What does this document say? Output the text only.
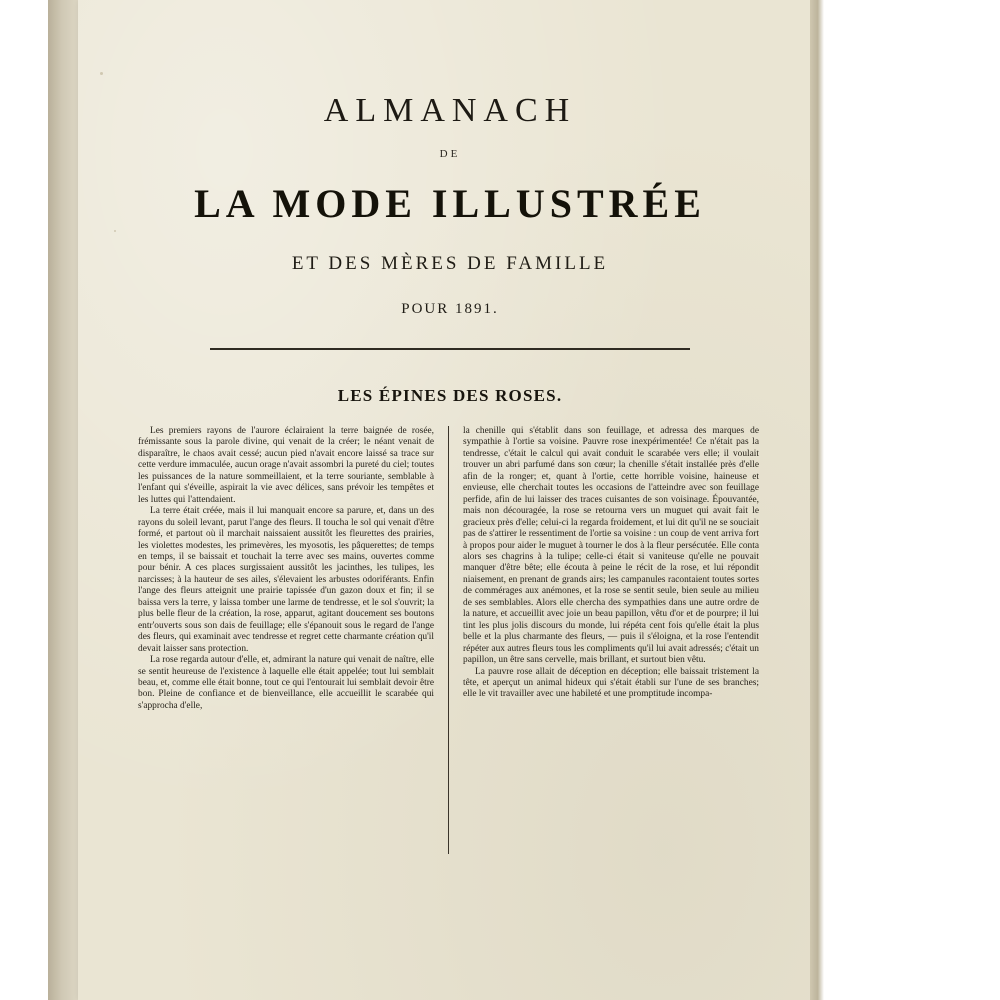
ALMANACH
DE
LA MODE ILLUSTRÉE
ET DES MÈRES DE FAMILLE
POUR 1891.
LES ÉPINES DES ROSES.

Les premiers rayons de l'aurore éclairaient la terre baignée de rosée, frémissante sous la parole divine, qui venait de la créer; le néant venait de disparaître, le chaos avait cessé; aucun pied n'avait encore laissé sa trace sur cette verdure immaculée, aucun orage n'avait assombri la pureté du ciel; toutes les puissances de la nature sommeillaient, et la terre souriante, semblable à l'enfant qui s'éveille, aspirait la vie avec délices, sans prévoir les tempêtes et les luttes qui l'attendaient.

La terre était créée, mais il lui manquait encore sa parure, et, dans un des rayons du soleil levant, parut l'ange des fleurs. Il toucha le sol qui venait d'être formé, et partout où il marchait naissaient aussitôt les fleurettes des prairies, les violettes modestes, les primevères, les myosotis, les pâquerettes; de temps en temps, il se baissait et touchait la terre avec ses mains, ouvertes comme pour bénir. A ces places surgissaient aussitôt les jacinthes, les tulipes, les narcisses; à la hauteur de ses ailes, s'élevaient les arbustes odoriférants. Enfin l'ange des fleurs atteignit une prairie tapissée d'un gazon doux et fin; il se baissa vers la terre, y laissa tomber une larme de tendresse, et le sol s'ouvrit; la plus belle fleur de la création, la rose, apparut, agitant doucement ses boutons entr'ouverts sous son dais de feuillage; elle s'épanouit sous le regard de l'ange des fleurs, qui examinait avec tendresse et regret cette charmante création qu'il devait laisser sans protection.

La rose regarda autour d'elle, et, admirant la nature qui venait de naître, elle se sentit heureuse de l'existence à laquelle elle était appelée; tout lui semblait beau, et, comme elle était bonne, tout ce qui l'entourait lui semblait devoir être bon. Pleine de confiance et de bienveillance, elle accueillit le scarabée qui s'approcha d'elle,

la chenille qui s'établit dans son feuillage, et adressa des marques de sympathie à l'ortie sa voisine. Pauvre rose inexpérimentée! Ce n'était pas la tendresse, c'était le calcul qui avait conduit le scarabée vers elle; il voulait trouver un abri parfumé dans son cœur; la chenille s'était installée près d'elle afin de la ronger; et, quant à l'ortie, cette horrible voisine, haineuse et envieuse, elle cherchait toutes les occasions de l'atteindre avec son feuillage perfide, afin de lui laisser des traces cuisantes de son voisinage. Épouvantée, mais non découragée, la rose se retourna vers un muguet qui avait fait le gracieux près d'elle; celui-ci la regarda froidement, et lui dit qu'il ne se souciait pas de s'attirer le ressentiment de l'ortie sa voisine : un coup de vent arriva fort à propos pour aider le muguet à tourner le dos à la fleur persécutée. Elle conta alors ses chagrins à la tulipe; celle-ci était si vaniteuse qu'elle ne pouvait manquer d'être bête; elle écouta à peine le récit de la rose, et lui répondit niaisement, en prenant de grands airs; les campanules racontaient toutes sortes de commérages aux anémones, et la rose se sentit seule, bien seule au milieu de ses semblables. Alors elle chercha des sympathies dans une autre ordre de la nature, et accueillit avec joie un beau papillon, vêtu d'or et de pourpre; il lui tint les plus jolis discours du monde, lui répéta cent fois qu'elle était la plus belle et la plus charmante des fleurs, — puis il s'éloigna, et la rose l'entendit répéter aux autres fleurs tous les compliments qu'il lui avait adressés; c'était un papillon, un être sans cervelle, mais brillant, et surtout bien vêtu.

La pauvre rose allait de déception en déception; elle baissait tristement la tête, et aperçut un animal hideux qui s'était établi sur l'une de ses branches; elle le vit travailler avec une habileté et une promptitude incompa-
